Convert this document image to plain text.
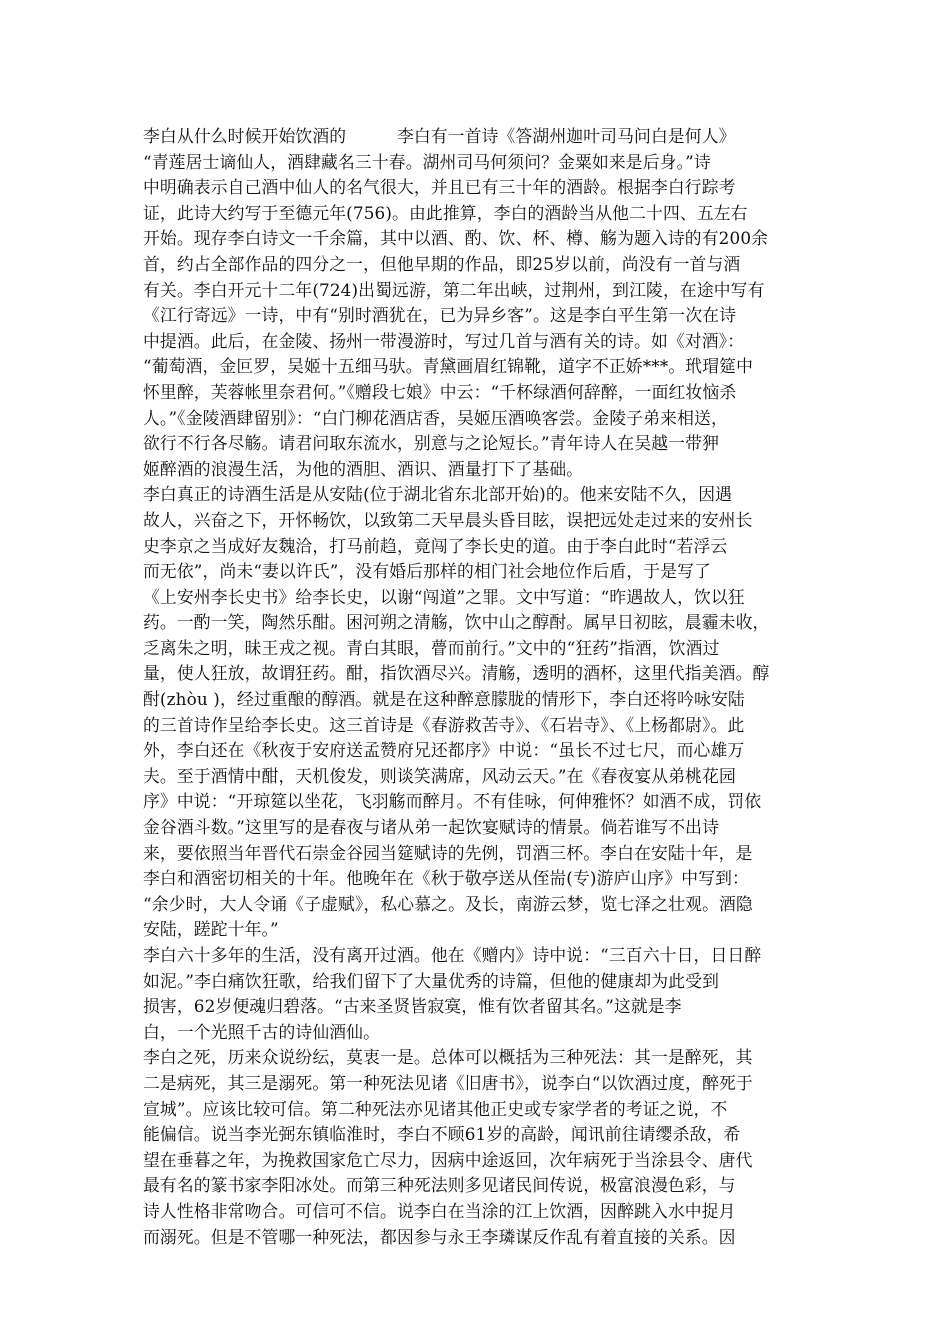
李白从什么时候开始饮酒的　　　李白有一首诗《答湖州迦叶司马问白是何人》
“青莲居士谪仙人，酒肆藏名三十春。湖州司马何须问？金粟如来是后身。”诗
中明确表示自己酒中仙人的名气很大，并且已有三十年的酒龄。根据李白行踪考
证，此诗大约写于至德元年(756)。由此推算，李白的酒龄当从他二十四、五左右
开始。现存李白诗文一千余篇，其中以酒、酌、饮、杯、樽、觞为题入诗的有200余
首，约占全部作品的四分之一，但他早期的作品，即25岁以前，尚没有一首与酒
有关。李白开元十二年(724)出蜀远游，第二年出峡，过荆州，到江陵，在途中写有
《江行寄远》一诗，中有“别时酒犹在，已为异乡客”。这是李白平生第一次在诗
中提酒。此后，在金陵、扬州一带漫游时，写过几首与酒有关的诗。如《对酒》：
“葡萄酒，金叵罗，吴姬十五细马驮。青黛画眉红锦靴，道字不正娇***。玳瑁筵中
怀里醉，芙蓉帐里奈君何。”《赠段七娘》中云：“千杯绿酒何辞醉，一面红妆恼杀
人。”《金陵酒肆留别》：“白门柳花酒店香，吴姬压酒唤客尝。金陵子弟来相送，
欲行不行各尽觞。请君问取东流水，别意与之论短长。”青年诗人在吴越一带狎
姬醉酒的浪漫生活，为他的酒胆、酒识、酒量打下了基础。
李白真正的诗酒生活是从安陆(位于湖北省东北部开始)的。他来安陆不久，因遇
故人，兴奋之下，开怀畅饮，以致第二天早晨头昏目眩，误把远处走过来的安州长
史李京之当成好友魏洽，打马前趋，竟闯了李长史的道。由于李白此时“若浮云
而无依”，尚未“妻以许氏”，没有婚后那样的相门社会地位作后盾，于是写了
《上安州李长史书》给李长史，以谢“闯道”之罪。文中写道：“昨遇故人，饮以狂
药。一酌一笑，陶然乐酣。困河朔之清觞，饮中山之醇酎。属早日初眩，晨霾未收，
乏离朱之明，昧王戎之视。青白其眼，瞢而前行。”文中的“狂药”指酒，饮酒过
量，使人狂放，故谓狂药。酣，指饮酒尽兴。清觞，透明的酒杯，这里代指美酒。醇
酎(zhòu )，经过重酿的醇酒。就是在这种醉意朦胧的情形下，李白还将吟咏安陆
的三首诗作呈给李长史。这三首诗是《春游救苦寺》、《石岩寺》、《上杨都尉》。此
外，李白还在《秋夜于安府送孟赞府兄还都序》中说：“虽长不过七尺，而心雄万
夫。至于酒情中酣，天机俊发，则谈笑满席，风动云天。”在《春夜宴从弟桃花园
序》中说：“开琼筵以坐花，飞羽觞而醉月。不有佳咏，何伸雅怀？如酒不成，罚依
金谷酒斗数。”这里写的是春夜与诸从弟一起饮宴赋诗的情景。倘若谁写不出诗
来，要依照当年晋代石崇金谷园当筵赋诗的先例，罚酒三杯。李白在安陆十年，是
李白和酒密切相关的十年。他晚年在《秋于敬亭送从侄耑(专)游庐山序》中写到：
“余少时，大人令诵《子虚赋》，私心慕之。及长，南游云梦，览七泽之壮观。酒隐
安陆，蹉跎十年。”
李白六十多年的生活，没有离开过酒。他在《赠内》诗中说：“三百六十日，日日醉
如泥。”李白痛饮狂歌，给我们留下了大量优秀的诗篇，但他的健康却为此受到
损害，62岁便魂归碧落。“古来圣贤皆寂寞，惟有饮者留其名。”这就是李
白，一个光照千古的诗仙酒仙。
李白之死，历来众说纷纭，莫衷一是。总体可以概括为三种死法：其一是醉死，其
二是病死，其三是溺死。第一种死法见诸《旧唐书》，说李白“以饮酒过度，醉死于
宣城”。应该比较可信。第二种死法亦见诸其他正史或专家学者的考证之说，不
能偏信。说当李光弼东镇临淮时，李白不顾61岁的高龄，闻讯前往请缨杀敌，希
望在垂暮之年，为挽救国家危亡尽力，因病中途返回，次年病死于当涂县令、唐代
最有名的篆书家李阳冰处。而第三种死法则多见诸民间传说，极富浪漫色彩，与
诗人性格非常吻合。可信可不信。说李白在当涂的江上饮酒，因醉跳入水中捉月
而溺死。但是不管哪一种死法，都因参与永王李璘谋反作乱有着直接的关系。因
